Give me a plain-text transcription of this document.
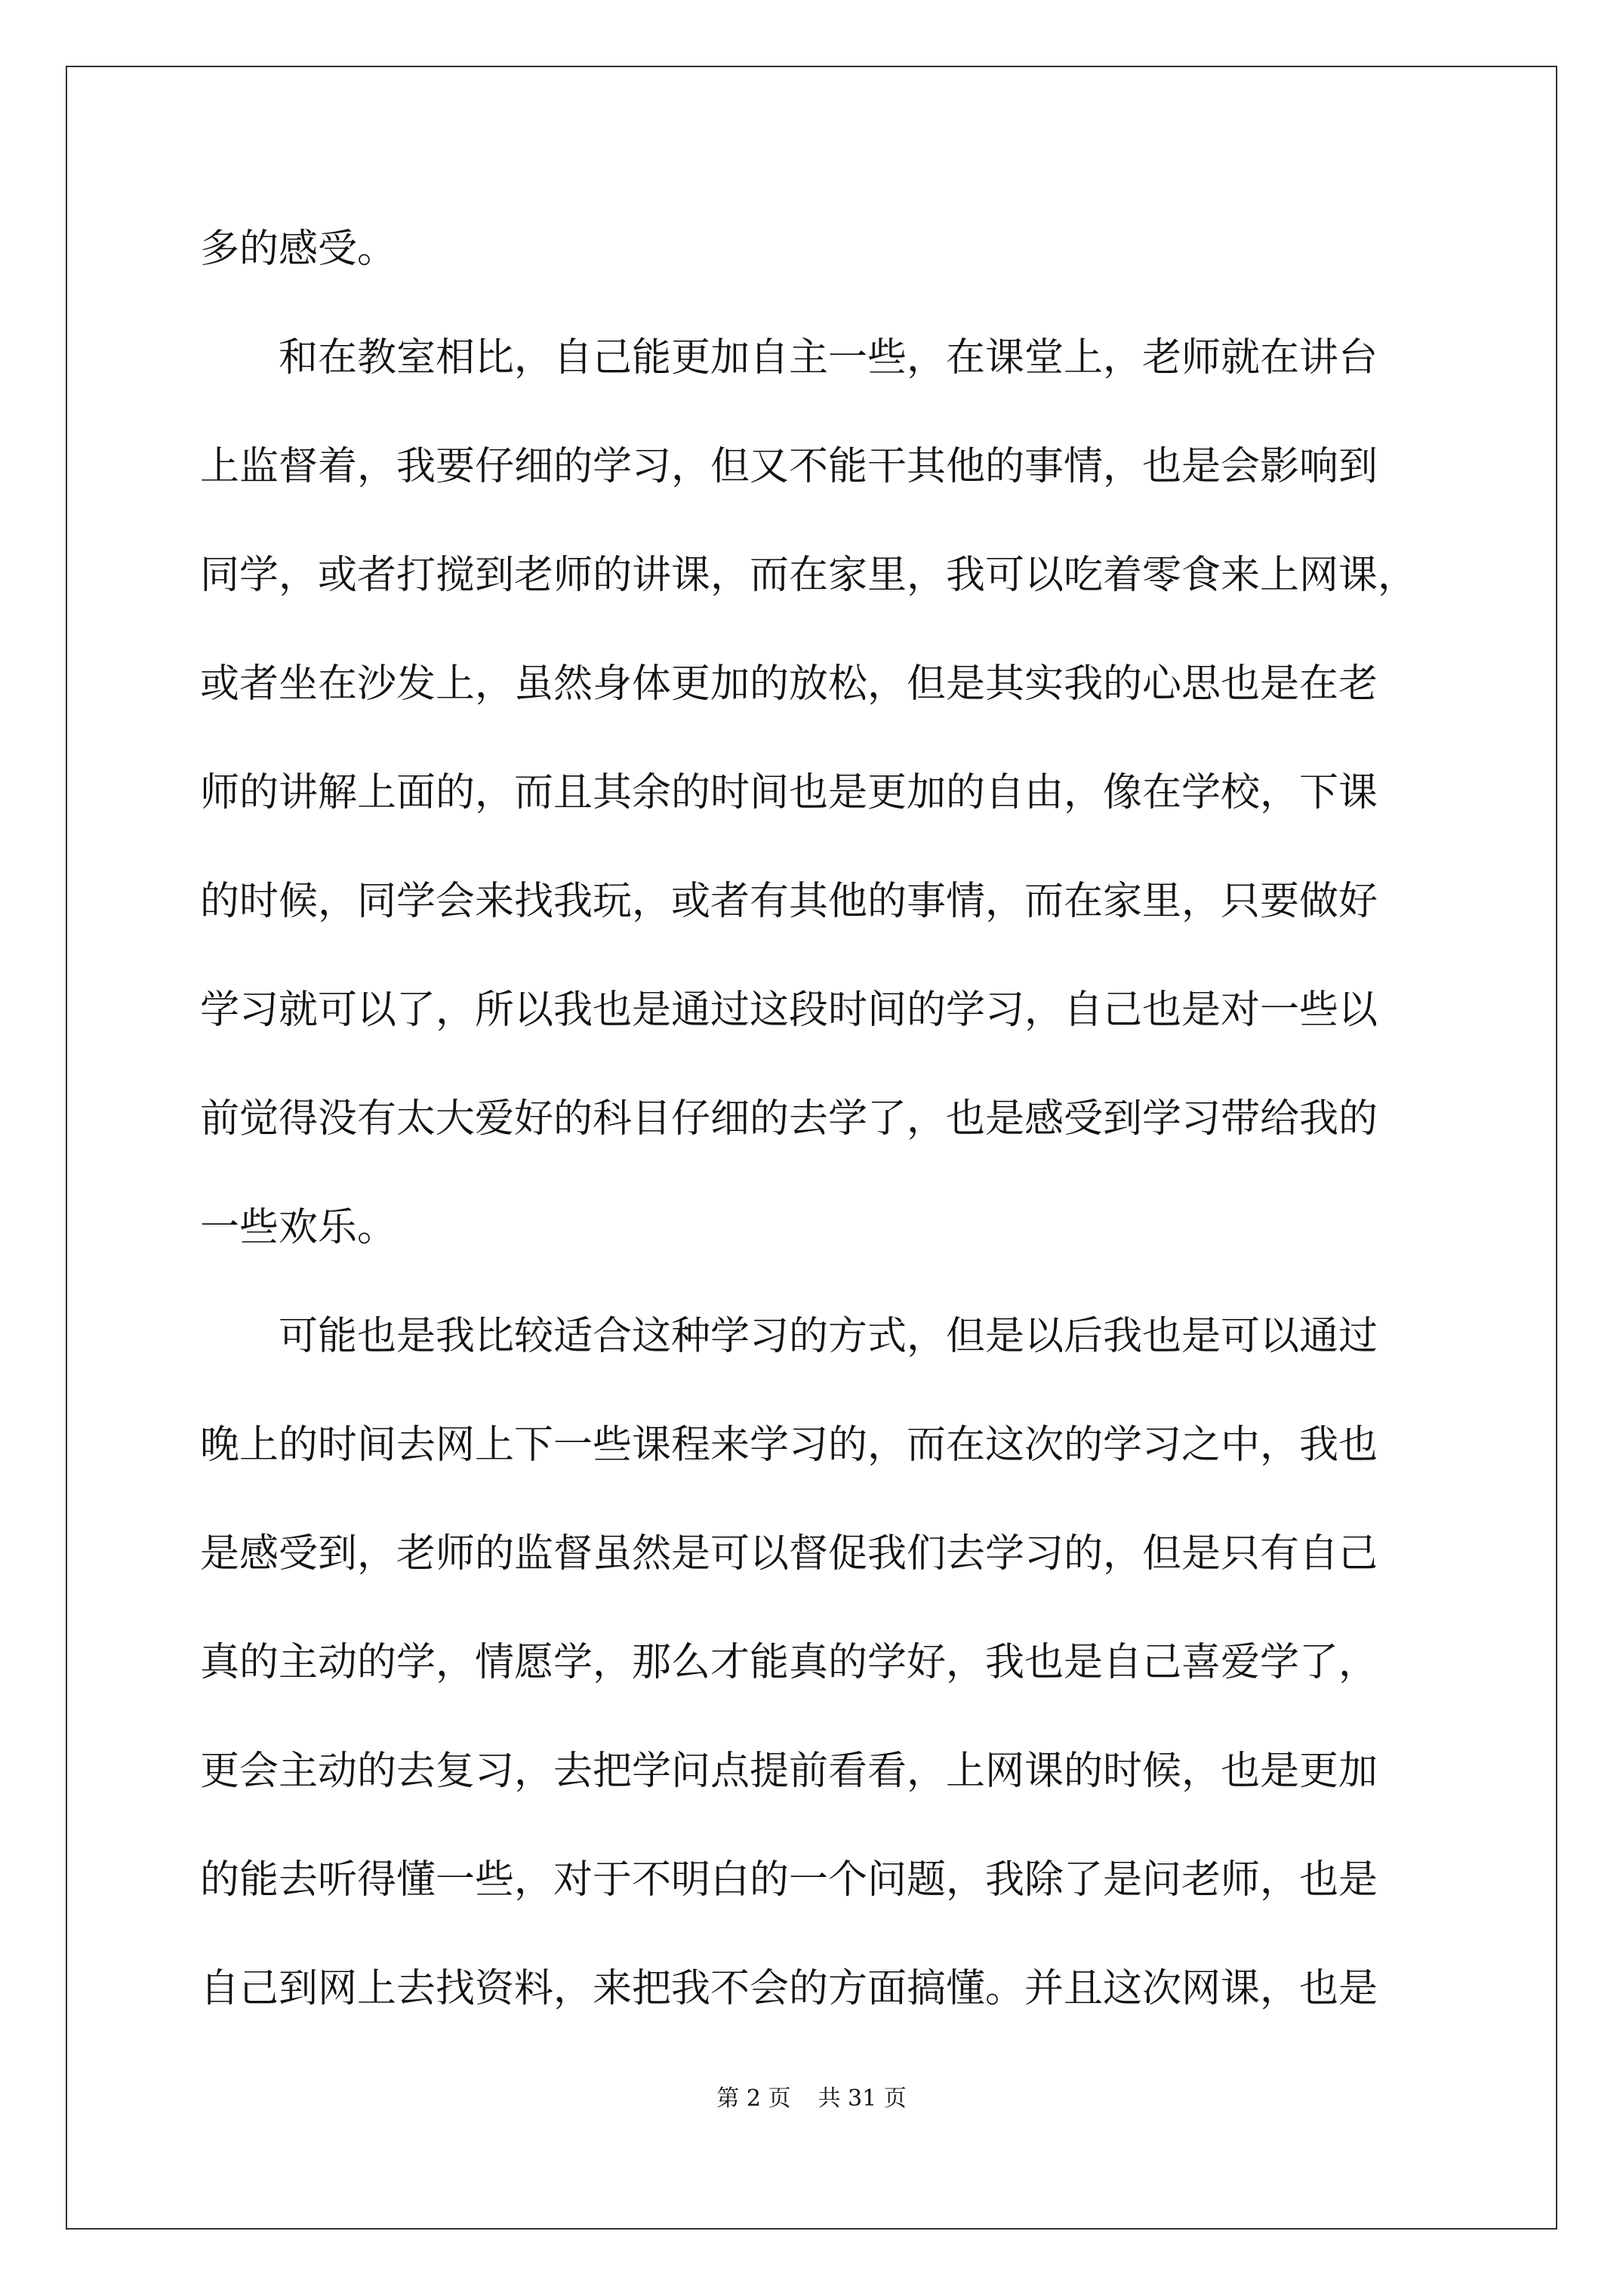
多的感受。

　　和在教室相比，自己能更加自主一些，在课堂上，老师就在讲台

上监督着，我要仔细的学习，但又不能干其他的事情，也是会影响到

同学，或者打搅到老师的讲课，而在家里，我可以吃着零食来上网课，

或者坐在沙发上，虽然身体更加的放松，但是其实我的心思也是在老

师的讲解上面的，而且其余的时间也是更加的自由，像在学校，下课

的时候，同学会来找我玩，或者有其他的事情，而在家里，只要做好

学习就可以了，所以我也是通过这段时间的学习，自己也是对一些以

前觉得没有太大爱好的科目仔细的去学了，也是感受到学习带给我的

一些欢乐。

　　可能也是我比较适合这种学习的方式，但是以后我也是可以通过

晚上的时间去网上下一些课程来学习的，而在这次的学习之中，我也

是感受到，老师的监督虽然是可以督促我们去学习的，但是只有自己

真的主动的学，情愿学，那么才能真的学好，我也是自己喜爱学了，

更会主动的去复习，去把学问点提前看看，上网课的时候，也是更加

的能去听得懂一些，对于不明白的一个问题，我除了是问老师，也是

自己到网上去找资料，来把我不会的方面搞懂。并且这次网课，也是

第 2 页 共 31 页
